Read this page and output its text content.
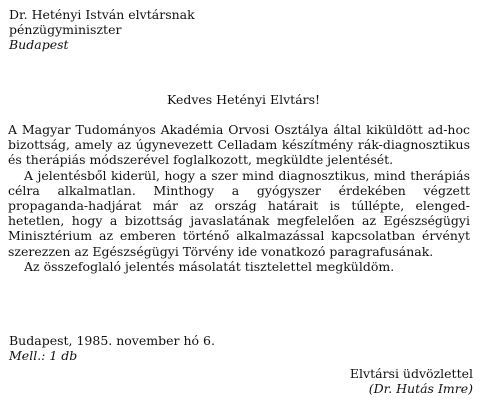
Dr. Hetényi István elvtársnak
pénzügyminiszter
Budapest
Kedves Hetényi Elvtárs!

A Magyar Tudományos Akadémia Orvosi Osztálya által kiküldött ad-hoc bizottság, amely az úgynevezett Celladam készítmény rák-diagnosztikus és therápiás módszerével foglalkozott, megküldte jelentését.

A jelentésből kiderül, hogy a szer mind diagnosztikus, mind therápiás célra alkalmatlan. Minthogy a gyógyszer érdekében végzett propaganda-hadjárat már az ország határait is túllépte, elengedhetetlen, hogy a bizottság javaslatának megfelelően az Egészségügyi Minisztérium az emberen történő alkalmazással kapcsolatban érvényt szerezzen az Egészségügyi Törvény ide vonatkozó paragrafusának.

Az összefoglaló jelentés másolatát tisztelettel megküldöm.

Budapest, 1985. november hó 6.
Mell.: 1 db
Elvtársi üdvözlettel
(Dr. Hutás Imre)
